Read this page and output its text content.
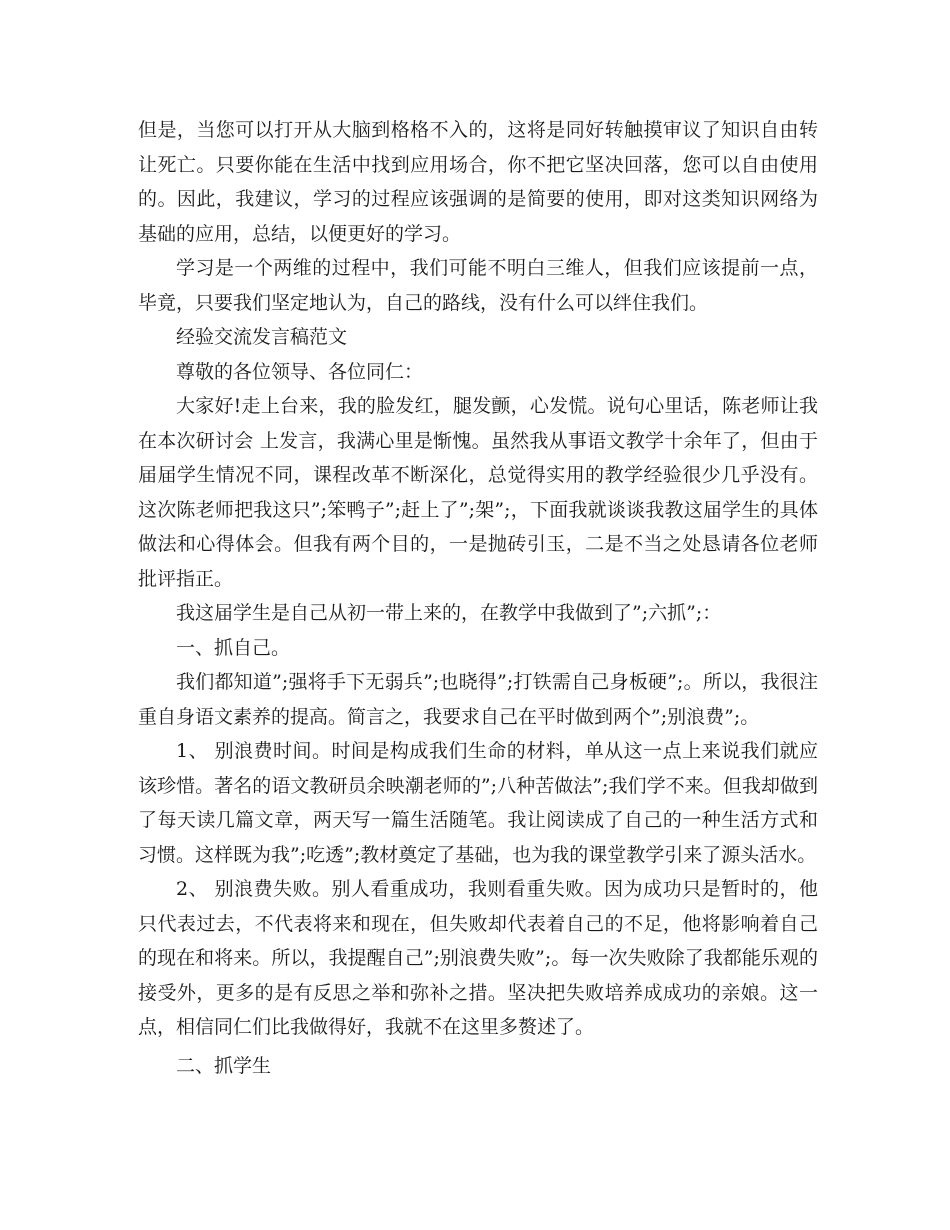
但是，当您可以打开从大脑到格格不入的，这将是同好转触摸审议了知识自由转让死亡。只要你能在生活中找到应用场合，你不把它坚决回落，您可以自由使用的。因此，我建议，学习的过程应该强调的是简要的使用，即对这类知识网络为基础的应用，总结，以便更好的学习。

学习是一个两维的过程中，我们可能不明白三维人，但我们应该提前一点，毕竟，只要我们坚定地认为，自己的路线，没有什么可以绊住我们。

经验交流发言稿范文

尊敬的各位领导、各位同仁：

大家好!走上台来，我的脸发红，腿发颤，心发慌。说句心里话，陈老师让我在本次研讨会 上发言，我满心里是惭愧。虽然我从事语文教学十余年了，但由于届届学生情况不同，课程改革不断深化，总觉得实用的教学经验很少几乎没有。这次陈老师把我这只”;笨鸭子”;赶上了”;架”;，下面我就谈谈我教这届学生的具体做法和心得体会。但我有两个目的，一是抛砖引玉，二是不当之处恳请各位老师批评指正。

我这届学生是自己从初一带上来的，在教学中我做到了”;六抓”;：

一、抓自己。

我们都知道”;强将手下无弱兵”;也晓得”;打铁需自己身板硬”;。所以，我很注重自身语文素养的提高。简言之，我要求自己在平时做到两个”;别浪费”;。

1、 别浪费时间。时间是构成我们生命的材料，单从这一点上来说我们就应该珍惜。著名的语文教研员余映潮老师的”;八种苦做法”;我们学不来。但我却做到了每天读几篇文章，两天写一篇生活随笔。我让阅读成了自己的一种生活方式和习惯。这样既为我”;吃透”;教材奠定了基础，也为我的课堂教学引来了源头活水。

2、 别浪费失败。别人看重成功，我则看重失败。因为成功只是暂时的，他只代表过去，不代表将来和现在，但失败却代表着自己的不足，他将影响着自己的现在和将来。所以，我提醒自己”;别浪费失败”;。每一次失败除了我都能乐观的接受外，更多的是有反思之举和弥补之措。坚决把失败培养成成功的亲娘。这一点，相信同仁们比我做得好，我就不在这里多赘述了。

二、抓学生
